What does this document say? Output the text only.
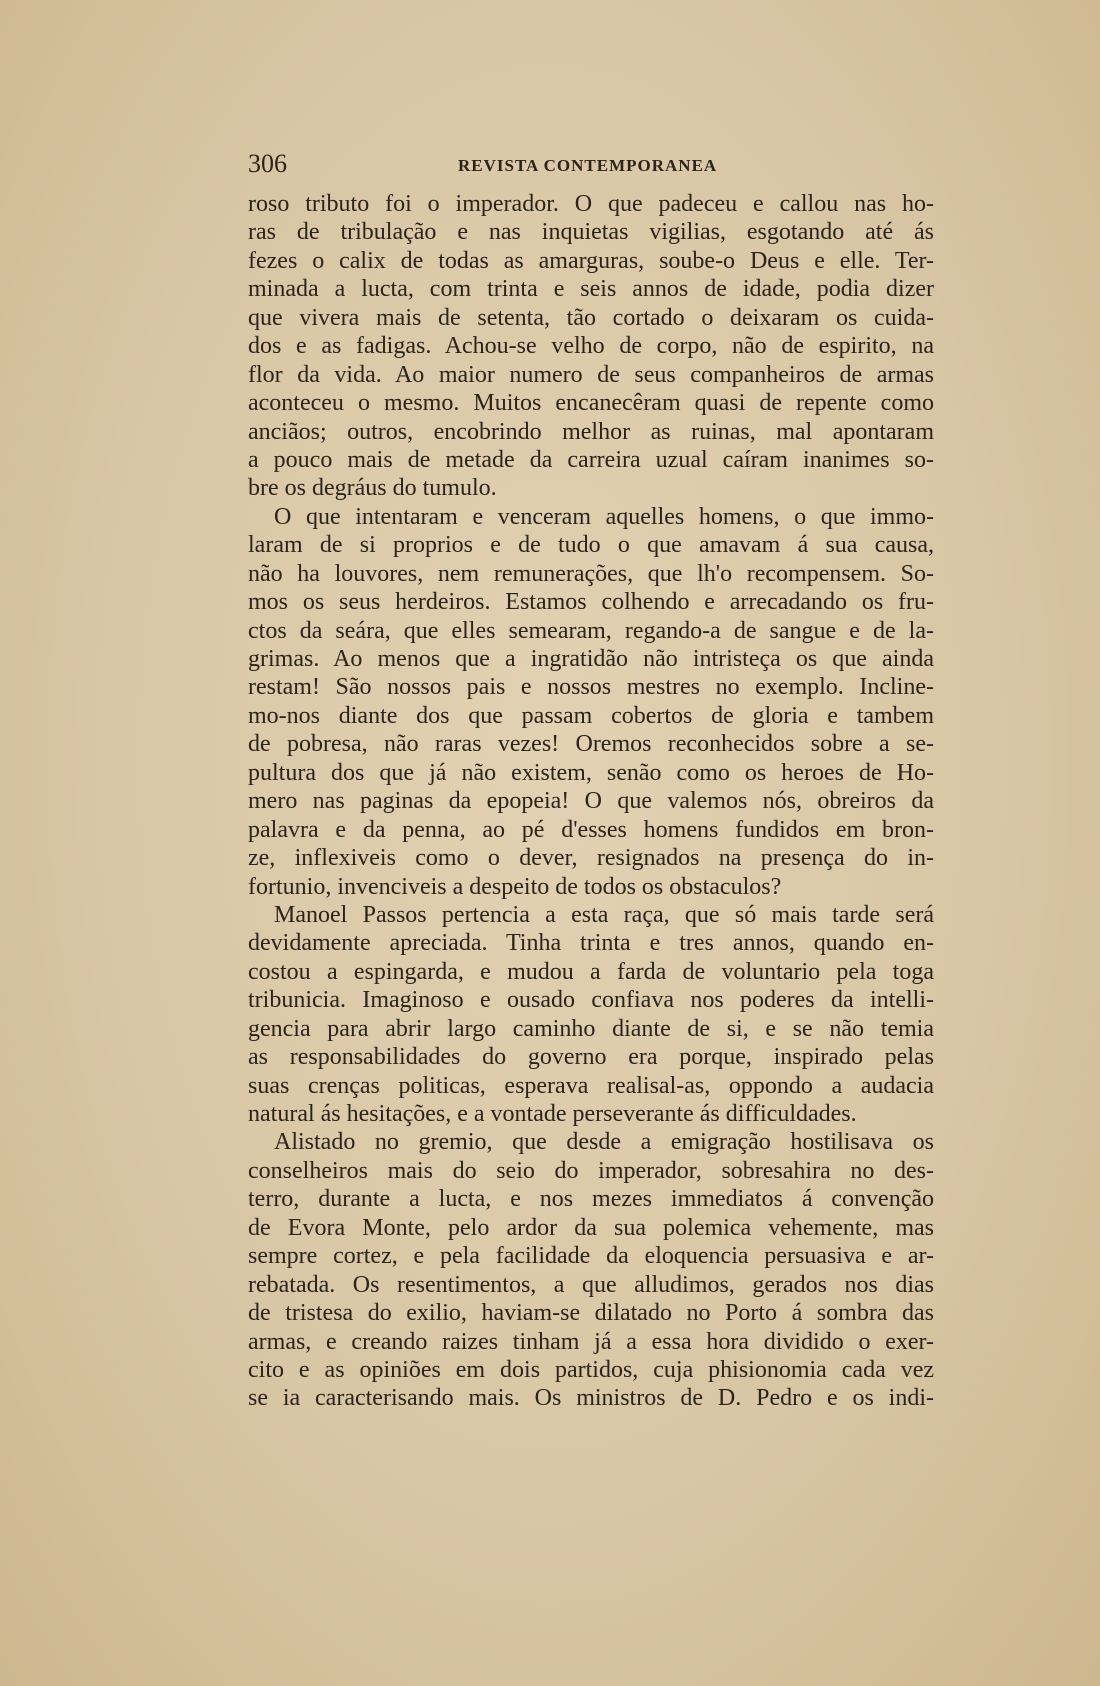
306	REVISTA CONTEMPORANEA
roso tributo foi o imperador. O que padeceu e callou nas ho-
ras de tribulação e nas inquietas vigilias, esgotando até ás
fezes o calix de todas as amarguras, soube-o Deus e elle. Ter-
minada a lucta, com trinta e seis annos de idade, podia dizer
que vivera mais de setenta, tão cortado o deixaram os cuida-
dos e as fadigas. Achou-se velho de corpo, não de espirito, na
flor da vida. Ao maior numero de seus companheiros de armas
aconteceu o mesmo. Muitos encanecêram quasi de repente como
anciãos; outros, encobrindo melhor as ruinas, mal apontaram
a pouco mais de metade da carreira uzual caíram inanimes so-
bre os degráus do tumulo.
O que intentaram e venceram aquelles homens, o que immo-
laram de si proprios e de tudo o que amavam á sua causa,
não ha louvores, nem remunerações, que lh'o recompensem. So-
mos os seus herdeiros. Estamos colhendo e arrecadando os fru-
ctos da seára, que elles semearam, regando-a de sangue e de la-
grimas. Ao menos que a ingratidão não intristeça os que ainda
restam! São nossos pais e nossos mestres no exemplo. Incline-
mo-nos diante dos que passam cobertos de gloria e tambem
de pobresa, não raras vezes! Oremos reconhecidos sobre a se-
pultura dos que já não existem, senão como os heroes de Ho-
mero nas paginas da epopeia! O que valemos nós, obreiros da
palavra e da penna, ao pé d'esses homens fundidos em bron-
ze, inflexiveis como o dever, resignados na presença do in-
fortunio, invenciveis a despeito de todos os obstaculos?
Manoel Passos pertencia a esta raça, que só mais tarde será
devidamente apreciada. Tinha trinta e tres annos, quando en-
costou a espingarda, e mudou a farda de voluntario pela toga
tribunicia. Imaginoso e ousado confiava nos poderes da intelli-
gencia para abrir largo caminho diante de si, e se não temia
as responsabilidades do governo era porque, inspirado pelas
suas crenças politicas, esperava realisal-as, oppondo a audacia
natural ás hesitações, e a vontade perseverante ás difficuldades.
Alistado no gremio, que desde a emigração hostilisava os
conselheiros mais do seio do imperador, sobresahira no des-
terro, durante a lucta, e nos mezes immediatos á convenção
de Evora Monte, pelo ardor da sua polemica vehemente, mas
sempre cortez, e pela facilidade da eloquencia persuasiva e ar-
rebatada. Os resentimentos, a que alludimos, gerados nos dias
de tristesa do exilio, haviam-se dilatado no Porto á sombra das
armas, e creando raizes tinham já a essa hora dividido o exer-
cito e as opiniões em dois partidos, cuja phisionomia cada vez
se ia caracterisando mais. Os ministros de D. Pedro e os indi-
